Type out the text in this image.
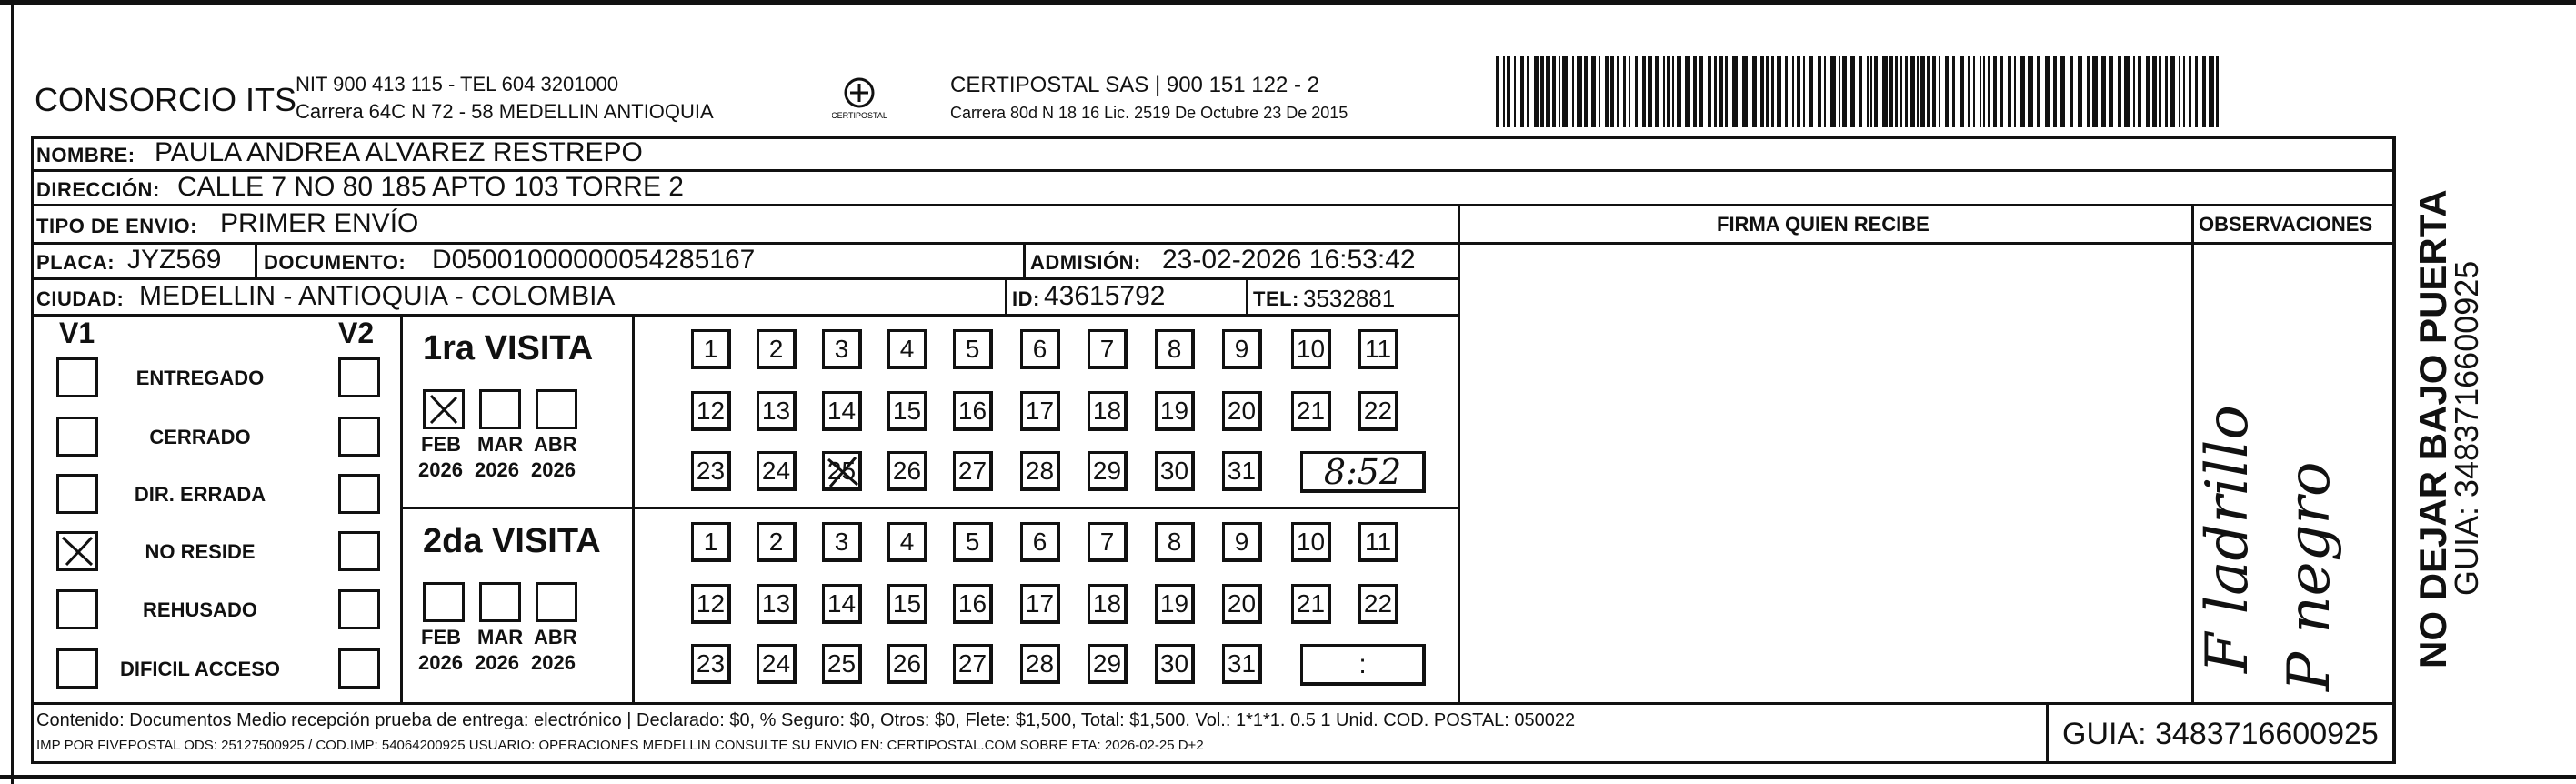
CONSORCIO ITS
NIT 900 413 115 - TEL 604 3201000
Carrera 64C N 72 - 58 MEDELLIN ANTIOQUIA	CERTIPOSTAL
CERTIPOSTAL SAS | 900 151 122 - 2
Carrera 80d N 18 16 Lic. 2519 De Octubre 23 De 2015
NOMBRE: PAULA ANDREA ALVAREZ RESTREPO
DIRECCIÓN: CALLE 7 NO 80 185 APTO 103 TORRE 2
TIPO DE ENVIO: PRIMER ENVÍO
PLACA: JYZ569 DOCUMENTO: D05001000000054285167	ADMISIÓN: 23-02-2026 16:53:42
CIUDAD: MEDELLIN - ANTIOQUIA - COLOMBIA	ID: 43615792	TEL: 3532881
FIRMA QUIEN RECIBE	OBSERVACIONES
F ladrillo P negro NO DEJAR BAJO PUERTA
GUIA: 3483716600925
V1	V2
ENTREGADO
CERRADO
DIR. ERRADA
NO RESIDE
REHUSADO
DIFICIL ACCESO
1ra VISITA
FEB
2026
MAR
2026
ABR
2026
1 2 3 4 5 6 7 8 9 10 11
12 13 14 15 16 17 18 19 20 21 22
23 24 25 26 27 28 29 30 31	8:52
2da VISITA
FEB
2026
MAR
2026
ABR
2026
1 2 3 4 5 6 7 8 9 10 11
12 13 14 15 16 17 18 19 20 21 22
23 24 25 26 27 28 29 30 31	:
Contenido: Documentos Medio recepción prueba de entrega: electrónico | Declarado: $0, % Seguro: $0, Otros: $0, Flete: $1,500, Total: $1,500. Vol.: 1*1*1. 0.5 1 Unid. COD. POSTAL: 050022
IMP POR FIVEPOSTAL ODS: 25127500925 / COD.IMP: 54064200925 USUARIO: OPERACIONES MEDELLIN CONSULTE SU ENVIO EN: CERTIPOSTAL.COM SOBRE ETA: 2026-02-25 D+2	GUIA: 3483716600925
